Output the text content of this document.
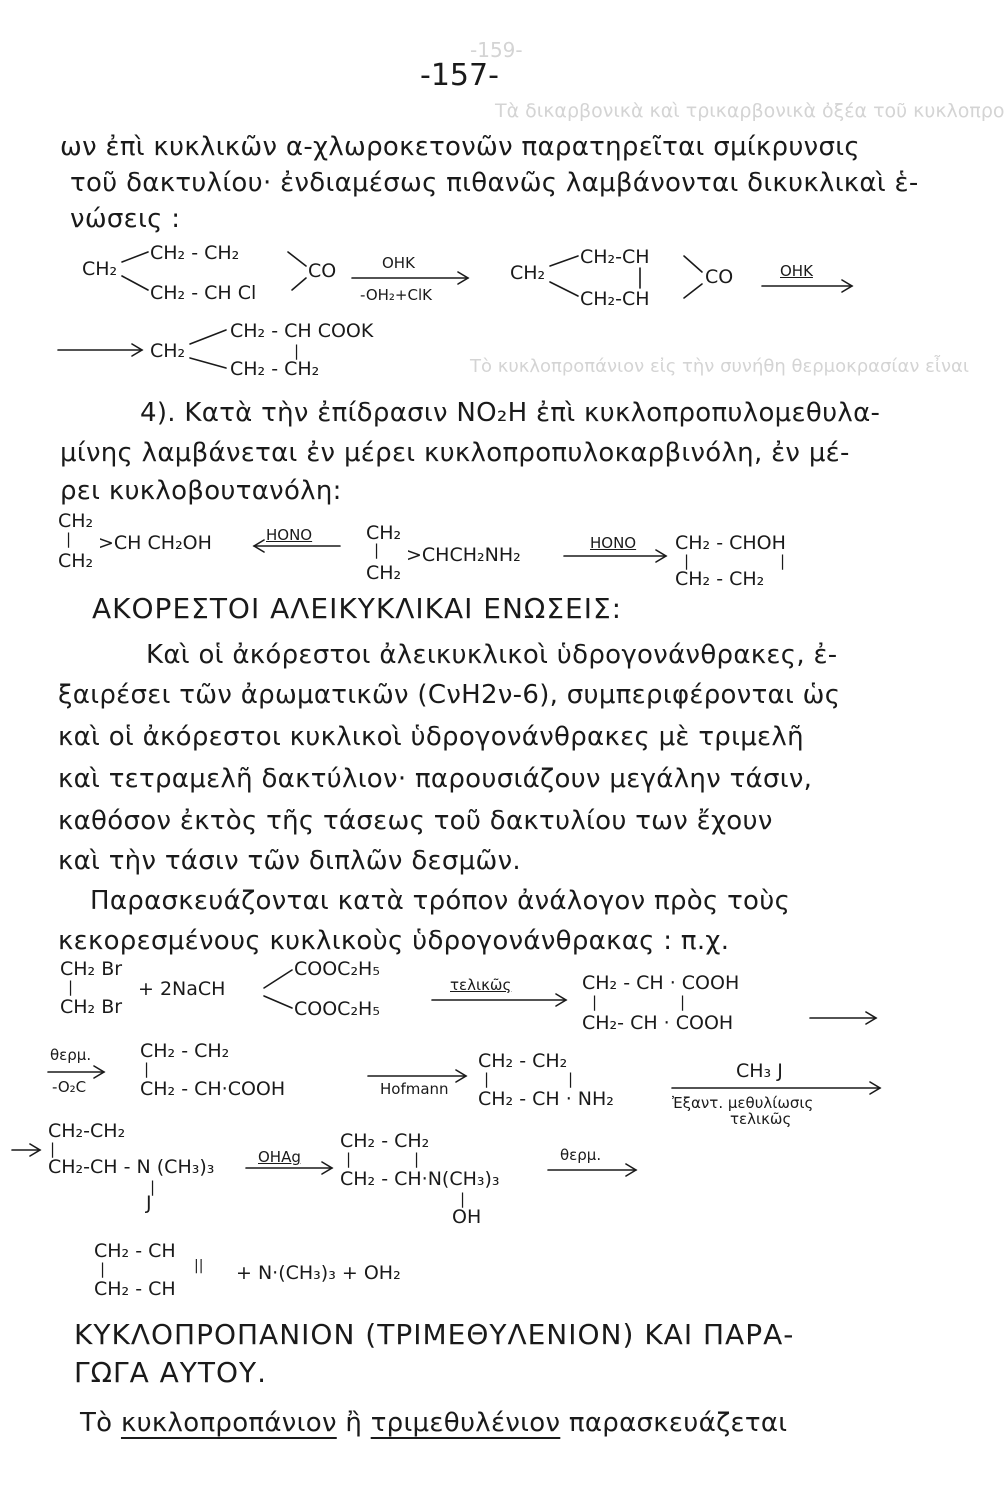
-159-
Τὰ δικαρβονικὰ καὶ τρικαρβονικὰ ὀξέα τοῦ κυκλοπρο
Τὸ κυκλοπροπάνιον εἰς τὴν συνήθη θερμοκρασίαν εἶναι
-157-
ων ἐπὶ κυκλικῶν α-χλωροκετονῶν παρατηρεῖται σμίκρυνσις
τοῦ δακτυλίου· ἐνδιαμέσως πιθανῶς λαμβάνονται δικυκλικαὶ ἑ-
νώσεις :
CH₂
CH₂ - CH₂
CH₂ - CH Cl
CO	OHK
-OH₂+ClK
CH₂
CH₂-CH
CH₂-CH
CO	OHK
CH₂
CH₂ - CH COOK
|
CH₂ - CH₂
4). Κατὰ τὴν ἐπίδρασιν NO₂H ἐπὶ κυκλοπροπυλομεθυλα-
μίνης λαμβάνεται ἐν μέρει κυκλοπροπυλοκαρβινόλη, ἐν μέ-
ρει κυκλοβουτανόλη:
CH₂
|
CH₂
>CH CH₂OH	HONO	CH₂
|
CH₂
>CHCH₂NH₂
HONO CH₂ - CHOH
|	|
CH₂ - CH₂
ΑΚΟΡΕΣΤΟΙ ΑΛΕΙΚΥΚΛΙΚΑΙ ΕΝΩΣΕΙΣ:
Καὶ οἱ ἀκόρεστοι ἀλεικυκλικοὶ ὑδρογονάνθρακες, ἐ-
ξαιρέσει τῶν ἀρωματικῶν (CνH2ν-6), συμπεριφέρονται ὡς
καὶ οἱ ἀκόρεστοι κυκλικοὶ ὑδρογονάνθρακες μὲ τριμελῆ
καὶ τετραμελῆ δακτύλιον· παρουσιάζουν μεγάλην τάσιν,
καθόσον ἐκτὸς τῆς τάσεως τοῦ δακτυλίου των ἔχουν
καὶ τὴν τάσιν τῶν διπλῶν δεσμῶν.
Παρασκευάζονται κατὰ τρόπον ἀνάλογον πρὸς τοὺς
κεκορεσμένους κυκλικοὺς ὑδρογονάνθρακας : π.χ.
CH₂ Br
|
CH₂ Br
+ 2NaCH
COOC₂H₅
COOC₂H₅
τελικῶς	CH₂ - CH · COOH
|	|
CH₂- CH · COOH
θερμ.
-O₂C
CH₂ - CH₂
|
CH₂ - CH·COOH	Hofmann
CH₂ - CH₂
|	|
CH₂ - CH · NH₂
CH₃ J
Ἐξαντ. μεθυλίωσις
τελικῶς
CH₂-CH₂
|
CH₂-CH - N (CH₃)₃
|
J
OHAg
CH₂ - CH₂
|	|
CH₂ - CH·N(CH₃)₃
|
OH
θερμ.
CH₂ - CH
|	||
CH₂ - CH
+ N·(CH₃)₃ + OH₂
ΚΥΚΛΟΠΡΟΠΑΝΙΟΝ (ΤΡΙΜΕΘΥΛΕΝΙΟΝ) ΚΑΙ ΠΑΡΑ-
ΓΩΓΑ ΑΥΤΟΥ.
Τὸ κυκλοπροπάνιον ἢ τριμεθυλένιον παρασκευάζεται
